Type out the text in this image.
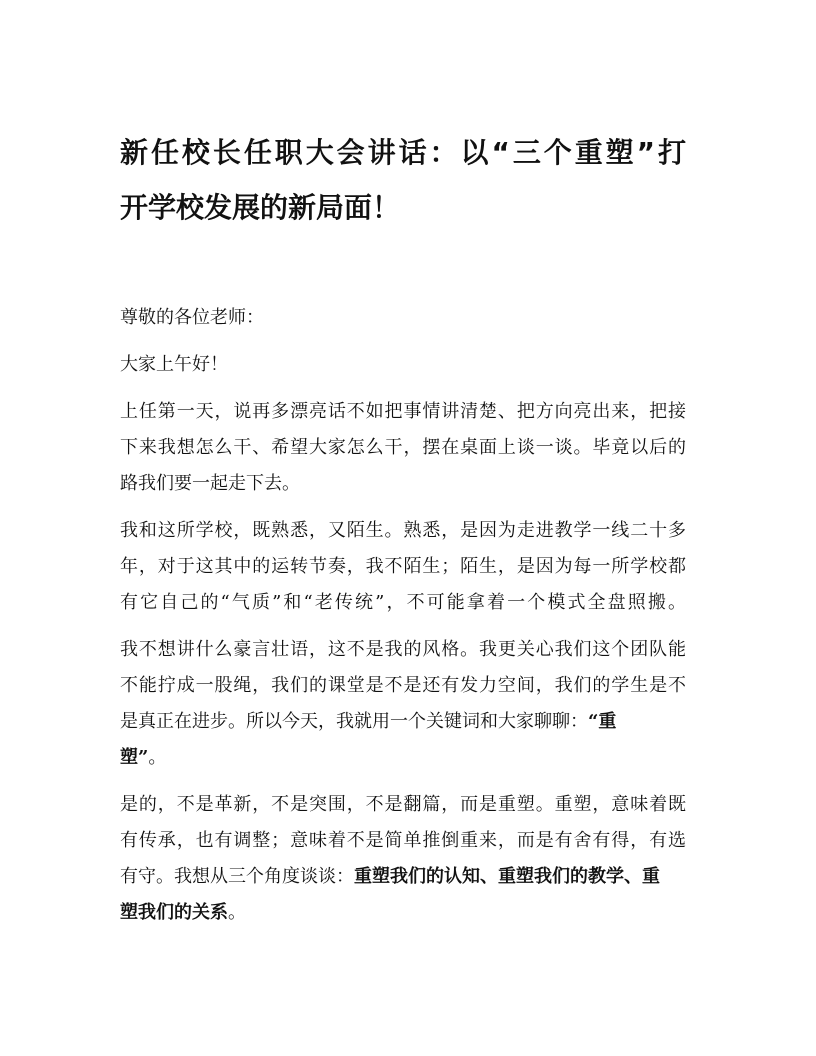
新任校长任职大会讲话：以“三个重塑”打
开学校发展的新局面！
尊敬的各位老师：
大家上午好！
上任第一天，说再多漂亮话不如把事情讲清楚、把方向亮出来，把接
下来我想怎么干、希望大家怎么干，摆在桌面上谈一谈。毕竟以后的
路我们要一起走下去。
我和这所学校，既熟悉，又陌生。熟悉，是因为走进教学一线二十多
年，对于这其中的运转节奏，我不陌生；陌生，是因为每一所学校都
有它自己的“气质”和“老传统”，不可能拿着一个模式全盘照搬。
我不想讲什么豪言壮语，这不是我的风格。我更关心我们这个团队能
不能拧成一股绳，我们的课堂是不是还有发力空间，我们的学生是不
是真正在进步。所以今天，我就用一个关键词和大家聊聊：“重
塑”。
是的，不是革新，不是突围，不是翻篇，而是重塑。重塑，意味着既
有传承，也有调整；意味着不是简单推倒重来，而是有舍有得，有选
有守。我想从三个角度谈谈：重塑我们的认知、重塑我们的教学、重
塑我们的关系。
